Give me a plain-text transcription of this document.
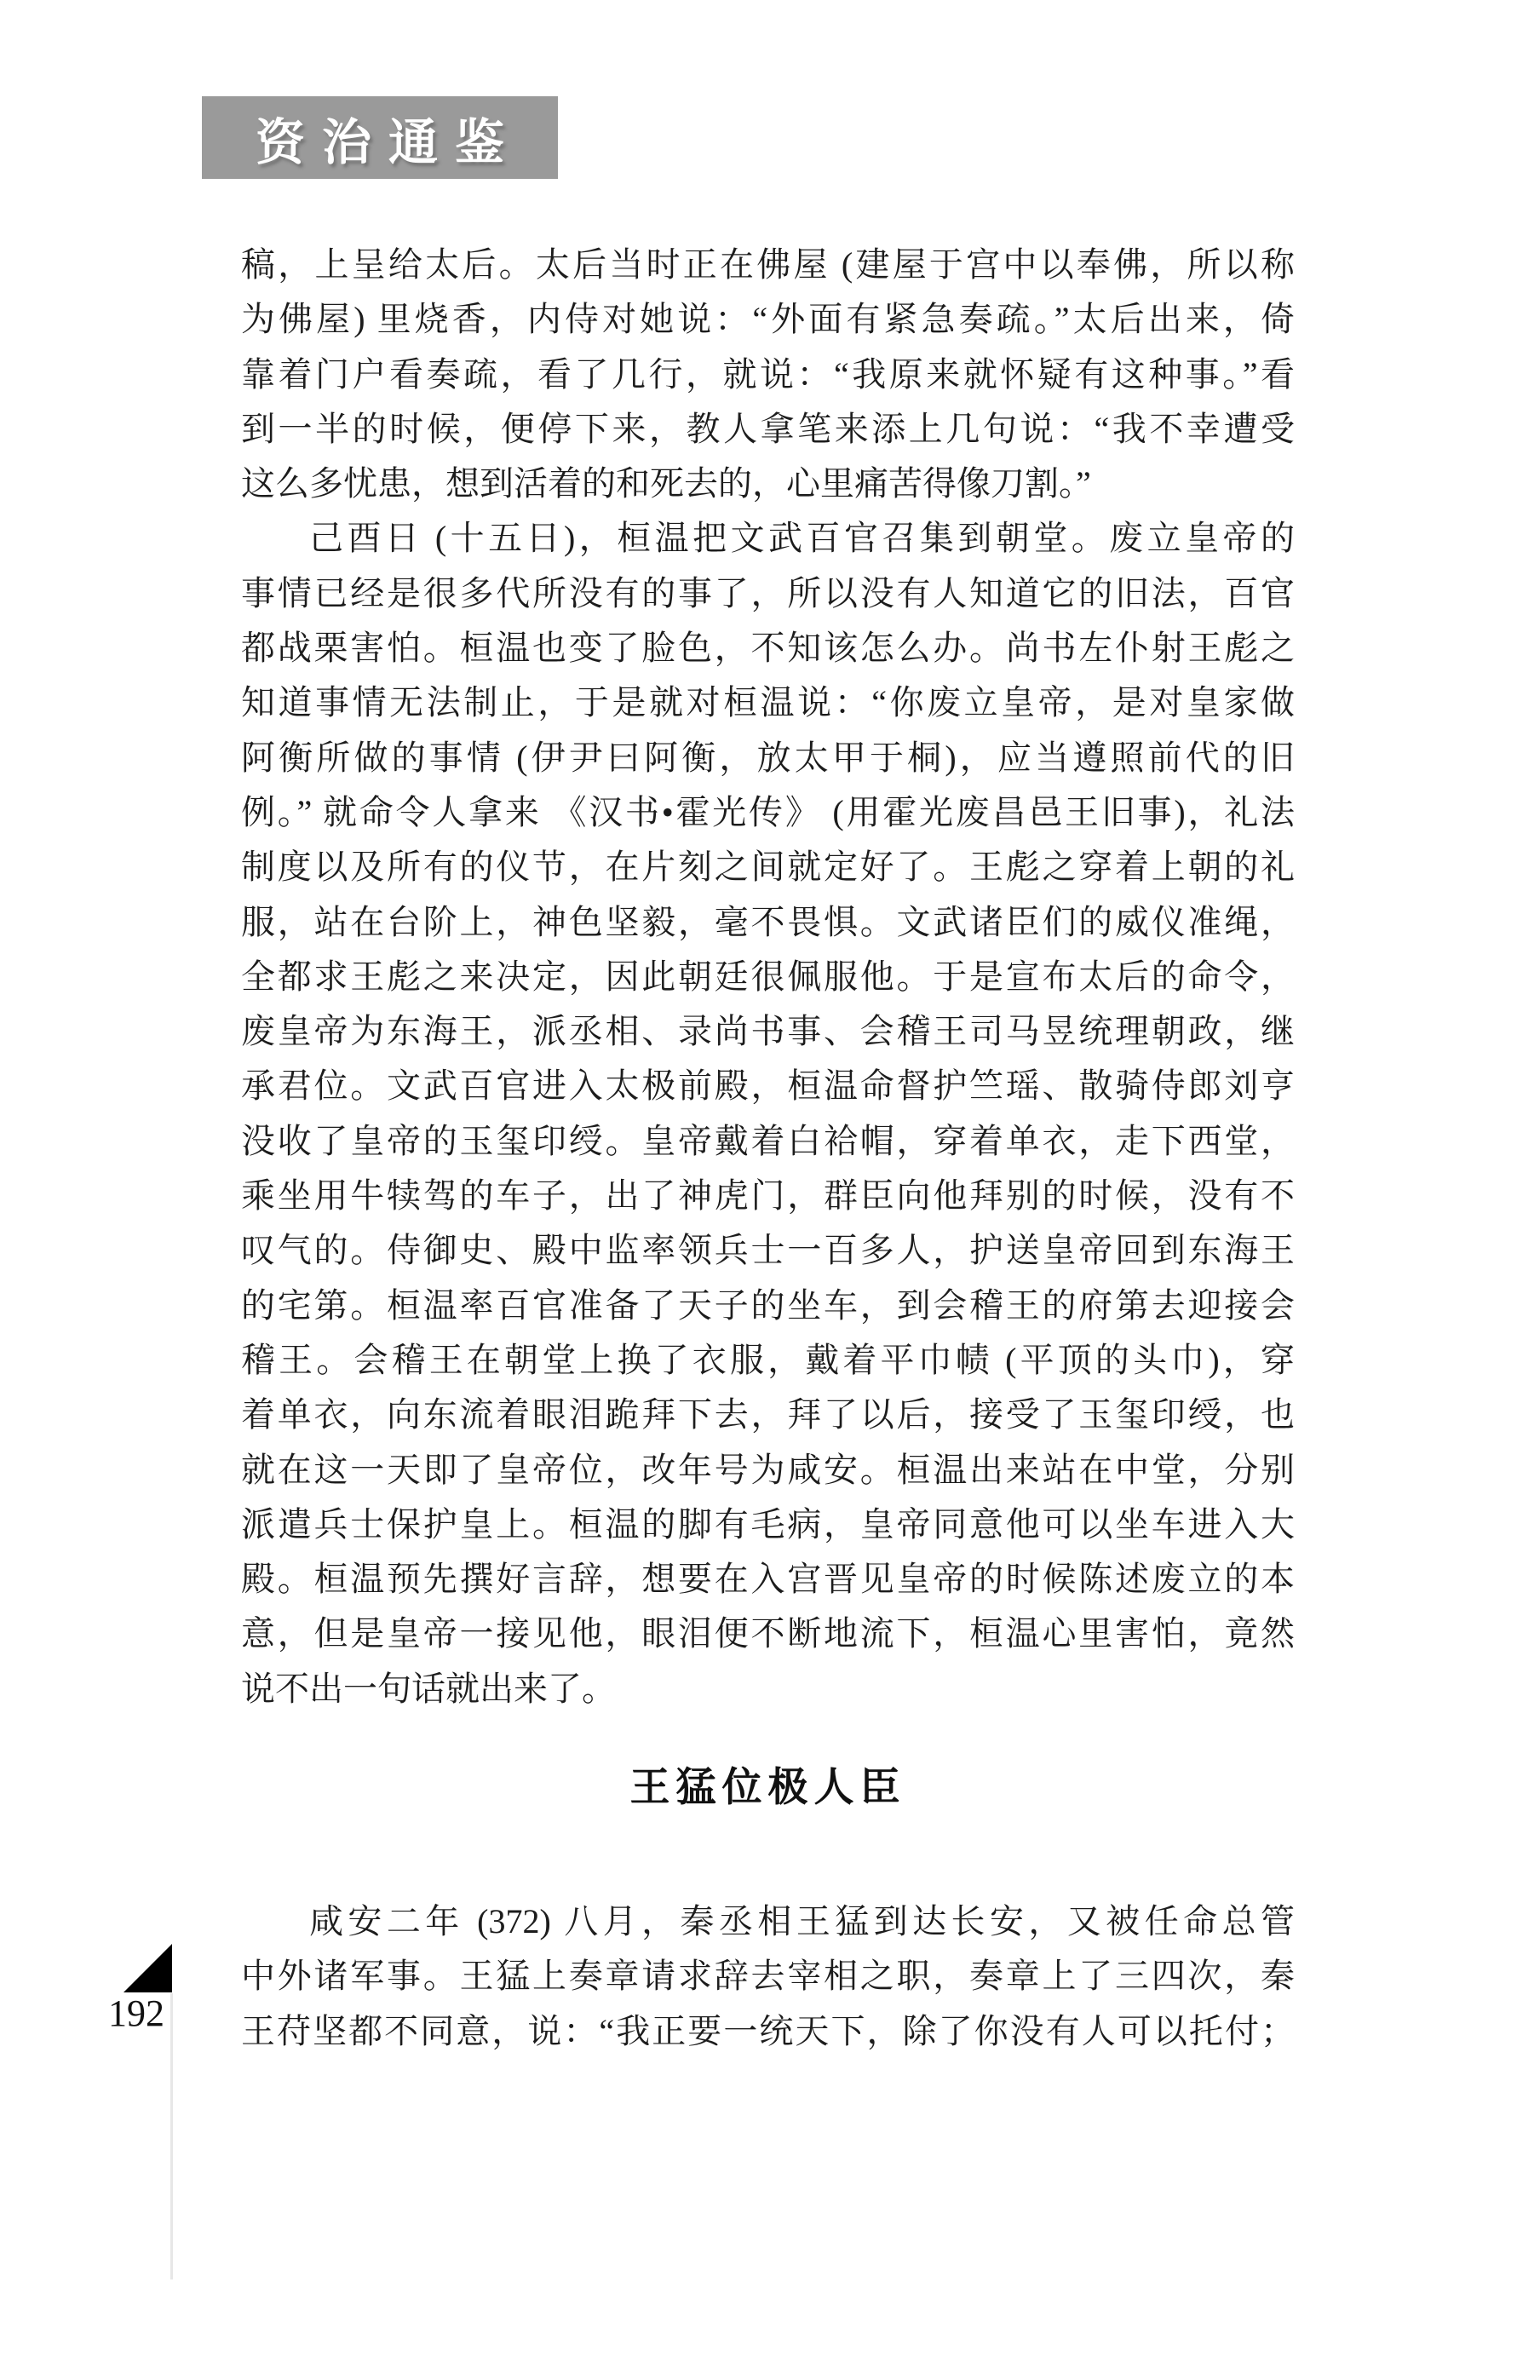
资治通鉴
稿，上呈给太后。太后当时正在佛屋 (建屋于宫中以奉佛，所以称
为佛屋) 里烧香，内侍对她说：“外面有紧急奏疏。”太后出来，倚
靠着门户看奏疏，看了几行，就说：“我原来就怀疑有这种事。”看
到一半的时候，便停下来，教人拿笔来添上几句说：“我不幸遭受
这么多忧患，想到活着的和死去的，心里痛苦得像刀割。”
己酉日 (十五日)，桓温把文武百官召集到朝堂。废立皇帝的
事情已经是很多代所没有的事了，所以没有人知道它的旧法，百官
都战栗害怕。桓温也变了脸色，不知该怎么办。尚书左仆射王彪之
知道事情无法制止，于是就对桓温说：“你废立皇帝，是对皇家做
阿衡所做的事情 (伊尹曰阿衡，放太甲于桐)，应当遵照前代的旧
例。” 就命令人拿来 《汉书•霍光传》 (用霍光废昌邑王旧事)，礼法
制度以及所有的仪节，在片刻之间就定好了。王彪之穿着上朝的礼
服，站在台阶上，神色坚毅，毫不畏惧。文武诸臣们的威仪准绳，
全都求王彪之来决定，因此朝廷很佩服他。于是宣布太后的命令，
废皇帝为东海王，派丞相、录尚书事、会稽王司马昱统理朝政，继
承君位。文武百官进入太极前殿，桓温命督护竺瑶、散骑侍郎刘亨
没收了皇帝的玉玺印绶。皇帝戴着白袷帽，穿着单衣，走下西堂，
乘坐用牛犊驾的车子，出了神虎门，群臣向他拜别的时候，没有不
叹气的。侍御史、殿中监率领兵士一百多人，护送皇帝回到东海王
的宅第。桓温率百官准备了天子的坐车，到会稽王的府第去迎接会
稽王。会稽王在朝堂上换了衣服，戴着平巾帻 (平顶的头巾)，穿
着单衣，向东流着眼泪跪拜下去，拜了以后，接受了玉玺印绶，也
就在这一天即了皇帝位，改年号为咸安。桓温出来站在中堂，分别
派遣兵士保护皇上。桓温的脚有毛病，皇帝同意他可以坐车进入大
殿。桓温预先撰好言辞，想要在入宫晋见皇帝的时候陈述废立的本
意，但是皇帝一接见他，眼泪便不断地流下，桓温心里害怕，竟然
说不出一句话就出来了。
王猛位极人臣
咸安二年 (372) 八月，秦丞相王猛到达长安，又被任命总管
中外诸军事。王猛上奏章请求辞去宰相之职，奏章上了三四次，秦
王苻坚都不同意，说：“我正要一统天下，除了你没有人可以托付；
192
